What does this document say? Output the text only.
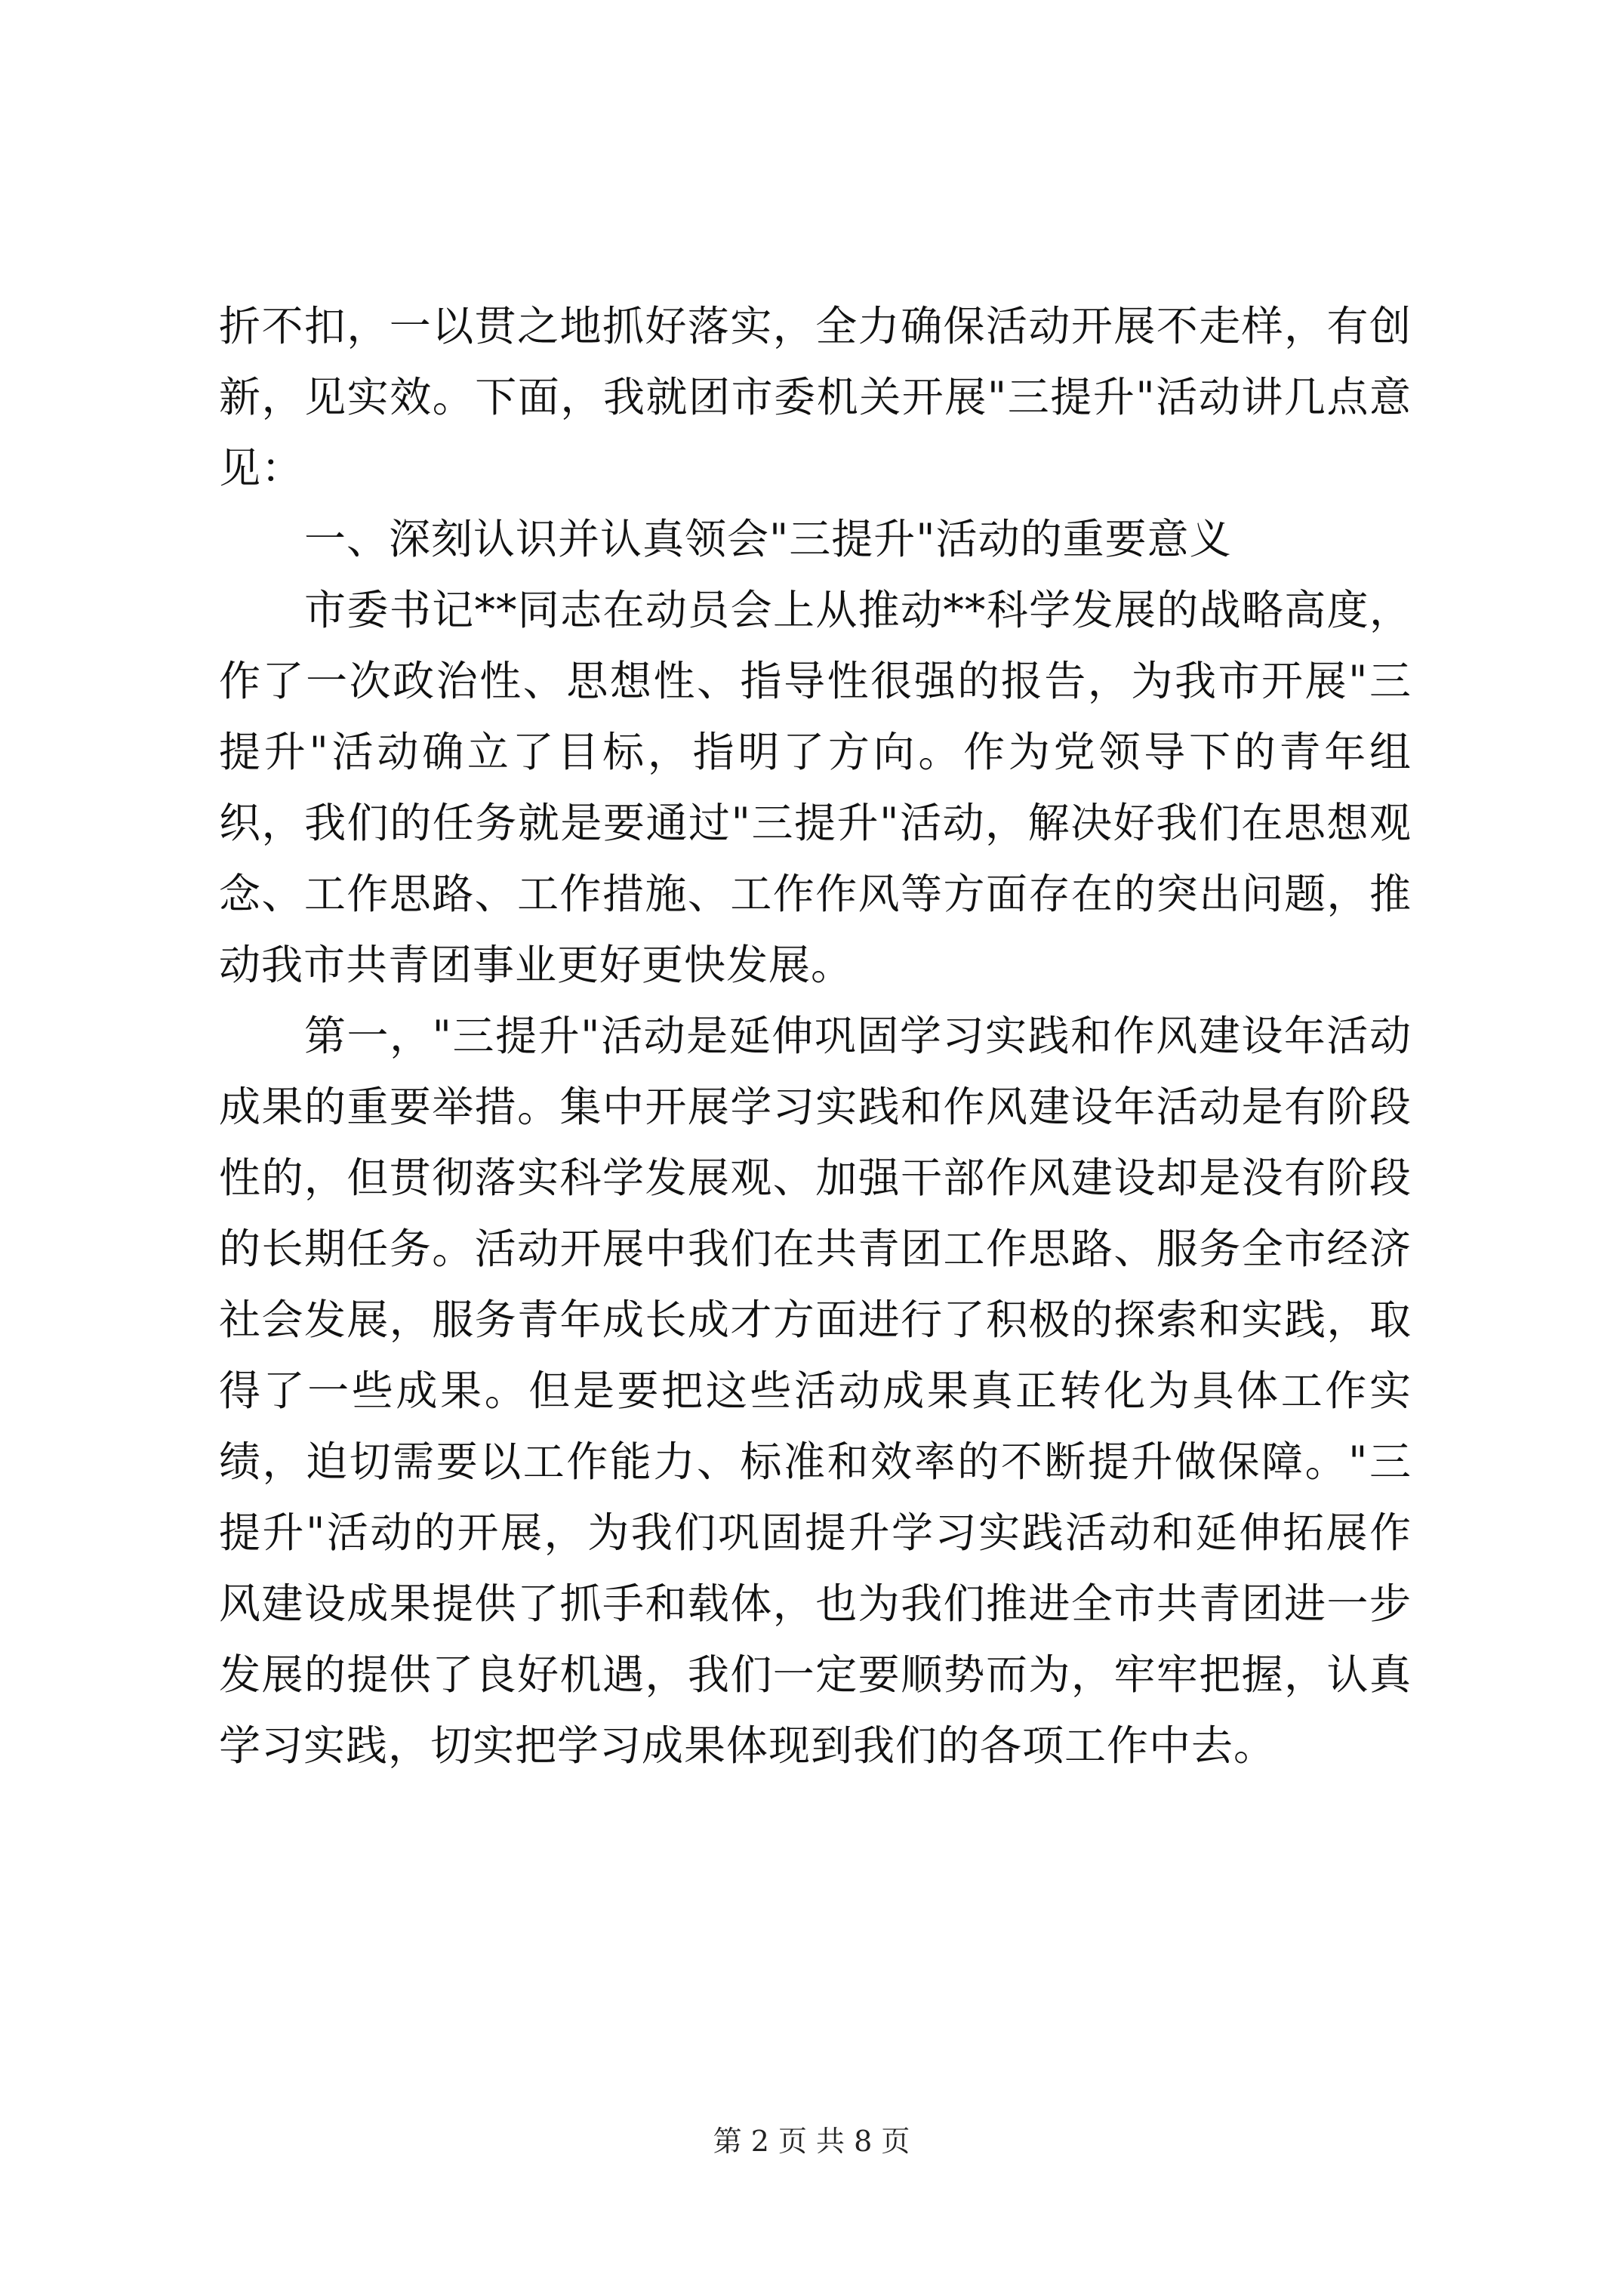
折不扣，一以贯之地抓好落实，全力确保活动开展不走样，有创新，见实效。下面，我就团市委机关开展"三提升"活动讲几点意见：

一、深刻认识并认真领会"三提升"活动的重要意义

市委书记**同志在动员会上从推动**科学发展的战略高度，作了一次政治性、思想性、指导性很强的报告，为我市开展"三提升"活动确立了目标，指明了方向。作为党领导下的青年组织，我们的任务就是要通过"三提升"活动，解决好我们在思想观念、工作思路、工作措施、工作作风等方面存在的突出问题，推动我市共青团事业更好更快发展。

第一，"三提升"活动是延伸巩固学习实践和作风建设年活动成果的重要举措。集中开展学习实践和作风建设年活动是有阶段性的，但贯彻落实科学发展观、加强干部作风建设却是没有阶段的长期任务。活动开展中我们在共青团工作思路、服务全市经济社会发展，服务青年成长成才方面进行了积极的探索和实践，取得了一些成果。但是要把这些活动成果真正转化为具体工作实绩，迫切需要以工作能力、标准和效率的不断提升做保障。"三提升"活动的开展，为我们巩固提升学习实践活动和延伸拓展作风建设成果提供了抓手和载体，也为我们推进全市共青团进一步发展的提供了良好机遇，我们一定要顺势而为，牢牢把握，认真学习实践，切实把学习成果体现到我们的各项工作中去。

第 2 页 共 8 页
